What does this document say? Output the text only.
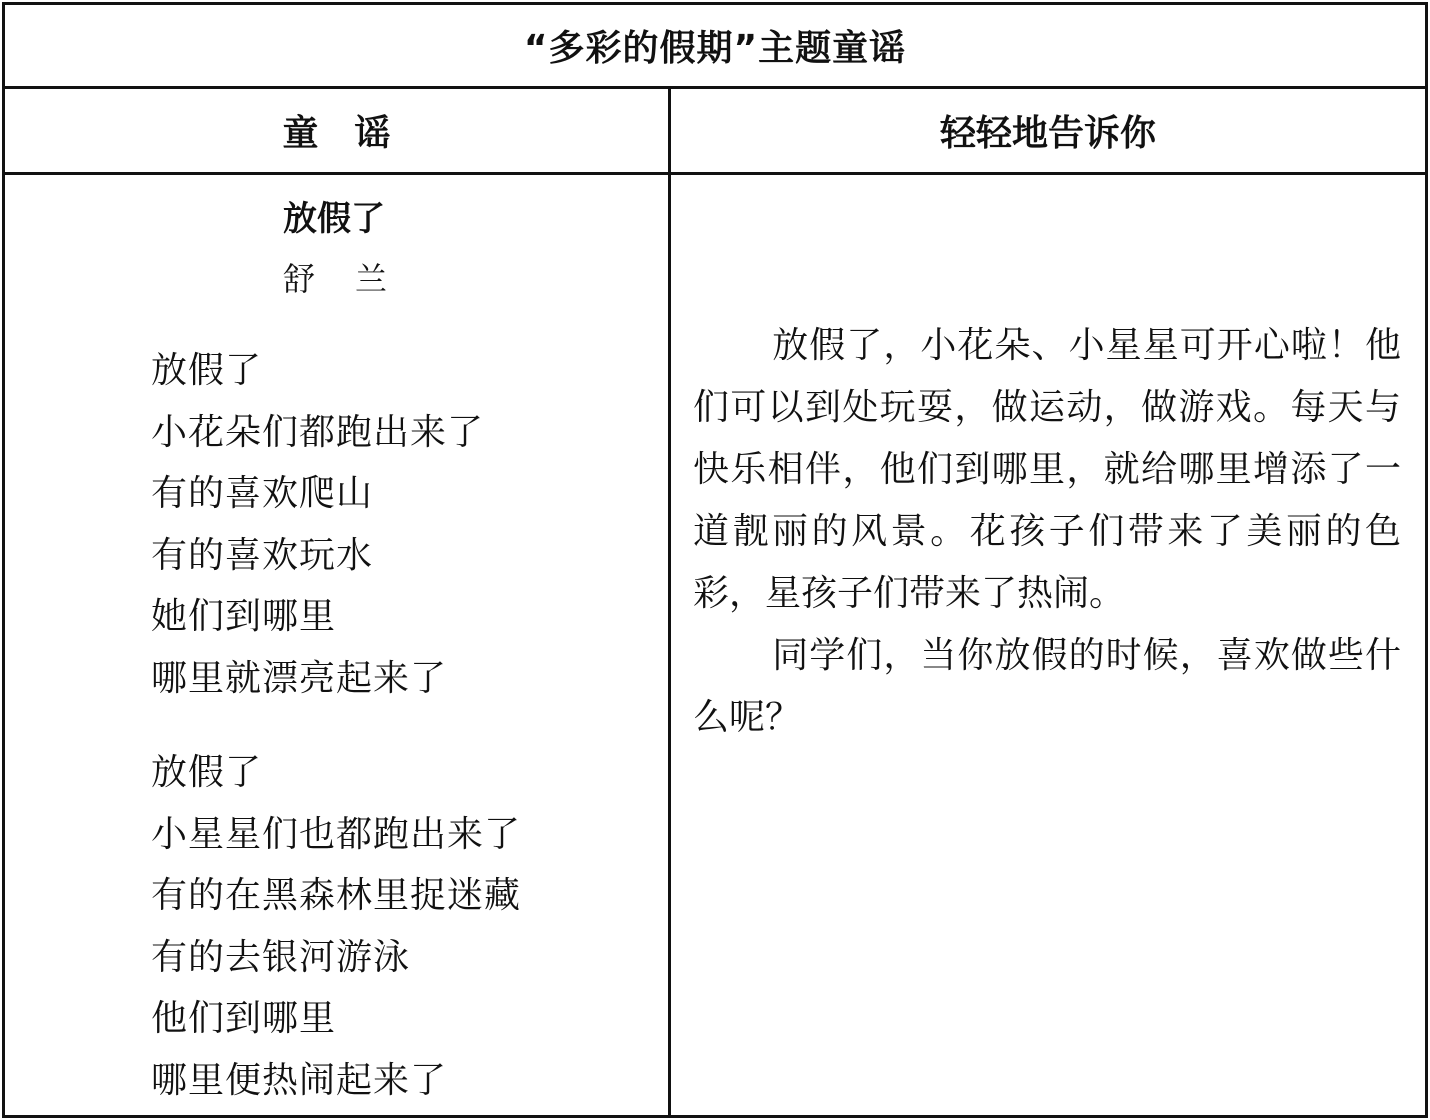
“多彩的假期”主题童谣
童谣	轻轻地告诉你
放假了
舒兰
放假了
小花朵们都跑出来了
有的喜欢爬山
有的喜欢玩水
她们到哪里
哪里就漂亮起来了
放假了
小星星们也都跑出来了
有的在黑森林里捉迷藏
有的去银河游泳
他们到哪里
哪里便热闹起来了

放假了，小花朵、小星星可开心啦！他们可以到处玩耍，做运动，做游戏。每天与快乐相伴，他们到哪里，就给哪里增添了一道靓丽的风景。花孩子们带来了美丽的色彩，星孩子们带来了热闹。

同学们，当你放假的时候，喜欢做些什么呢？
